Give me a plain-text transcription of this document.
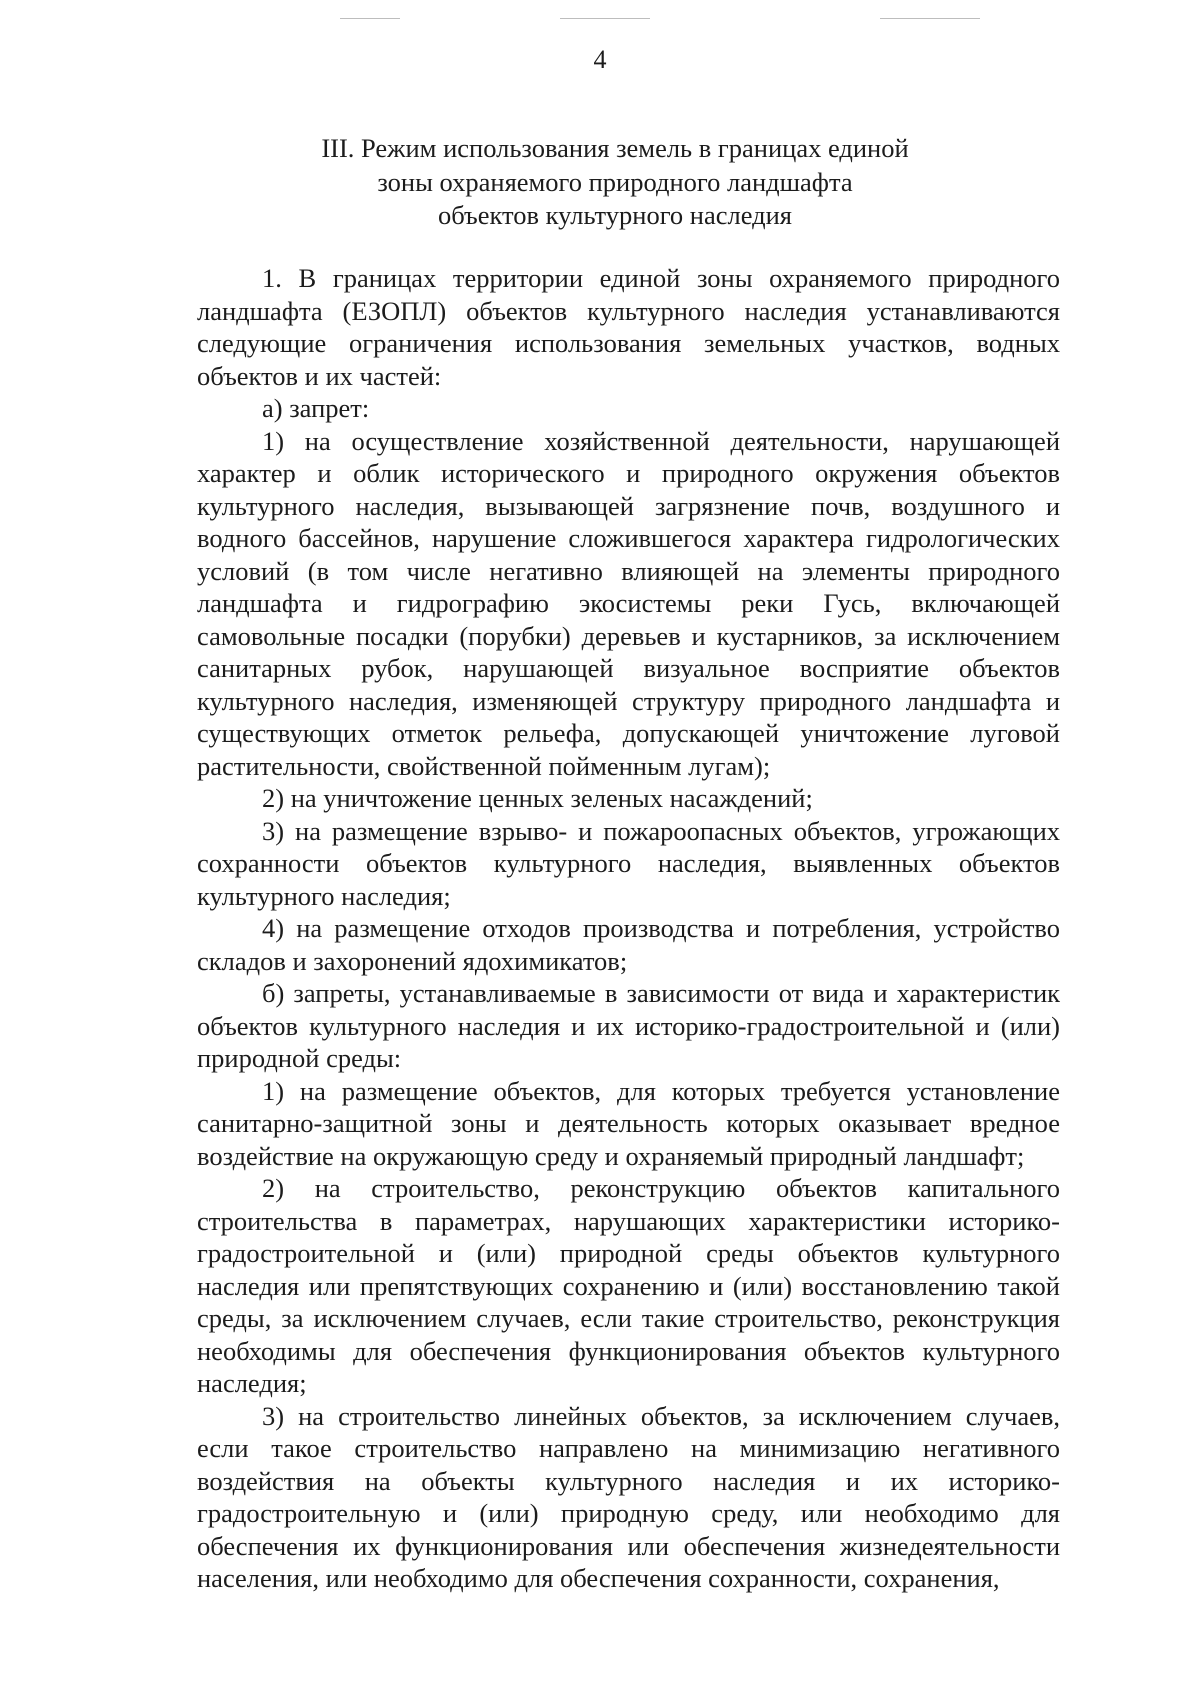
4
III. Режим использования земель в границах единой
зоны охраняемого природного ландшафта
объектов культурного наследия

1. В границах территории единой зоны охраняемого природного ландшафта (ЕЗОПЛ) объектов культурного наследия устанавливаются следующие ограничения использования земельных участков, водных объектов и их частей:

а) запрет:

1) на осуществление хозяйственной деятельности, нарушающей характер и облик исторического и природного окружения объектов культурного наследия, вызывающей загрязнение почв, воздушного и водного бассейнов, нарушение сложившегося характера гидрологических условий (в том числе негативно влияющей на элементы природного ландшафта и гидрографию экосистемы реки Гусь, включающей самовольные посадки (порубки) деревьев и кустарников, за исключением санитарных рубок, нарушающей визуальное восприятие объектов культурного наследия, изменяющей структуру природного ландшафта и существующих отметок рельефа, допускающей уничтожение луговой растительности, свойственной пойменным лугам);

2) на уничтожение ценных зеленых насаждений;

3) на размещение взрыво- и пожароопасных объектов, угрожающих сохранности объектов культурного наследия, выявленных объектов культурного наследия;

4) на размещение отходов производства и потребления, устройство складов и захоронений ядохимикатов;

б) запреты, устанавливаемые в зависимости от вида и характеристик объектов культурного наследия и их историко-градостроительной и (или) природной среды:

1) на размещение объектов, для которых требуется установление санитарно-защитной зоны и деятельность которых оказывает вредное воздействие на окружающую среду и охраняемый природный ландшафт;

2) на строительство, реконструкцию объектов капитального строительства в параметрах, нарушающих характеристики историко-градостроительной и (или) природной среды объектов культурного наследия или препятствующих сохранению и (или) восстановлению такой среды, за исключением случаев, если такие строительство, реконструкция необходимы для обеспечения функционирования объектов культурного наследия;

3) на строительство линейных объектов, за исключением случаев, если такое строительство направлено на минимизацию негативного воздействия на объекты культурного наследия и их историко-градостроительную и (или) природную среду, или необходимо для обеспечения их функционирования или обеспечения жизнедеятельности населения, или необходимо для обеспечения сохранности, сохранения,
